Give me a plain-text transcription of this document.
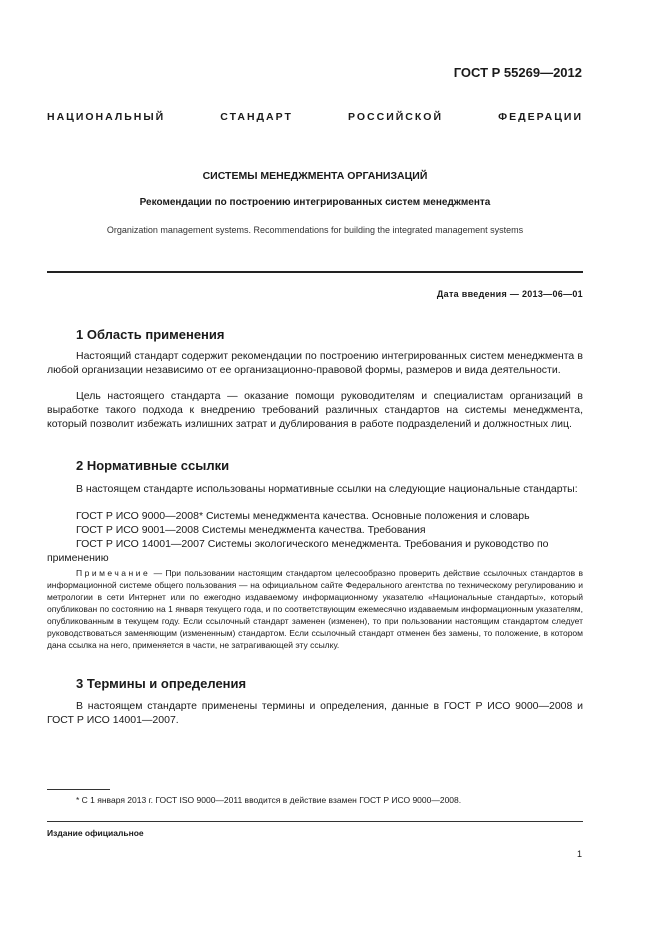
ГОСТ Р 55269—2012
НАЦИОНАЛЬНЫЙ СТАНДАРТ РОССИЙСКОЙ ФЕДЕРАЦИИ
СИСТЕМЫ МЕНЕДЖМЕНТА ОРГАНИЗАЦИЙ
Рекомендации по построению интегрированных систем менеджмента
Organization management systems. Recommendations for building the integrated management systems
Дата введения — 2013—06—01
1 Область применения
Настоящий стандарт содержит рекомендации по построению интегрированных систем менеджмента в любой организации независимо от ее организационно-правовой формы, размеров и вида деятельности.
Цель настоящего стандарта — оказание помощи руководителям и специалистам организаций в выработке такого подхода к внедрению требований различных стандартов на системы менеджмента, который позволит избежать излишних затрат и дублирования в работе подразделений и должностных лиц.
2 Нормативные ссылки
В настоящем стандарте использованы нормативные ссылки на следующие национальные стандарты:
ГОСТ Р ИСО 9000—2008* Системы менеджмента качества. Основные положения и словарь
ГОСТ Р ИСО 9001—2008 Системы менеджмента качества. Требования
ГОСТ Р ИСО 14001—2007 Системы экологического менеджмента. Требования и руководство по применению
Примечание — При пользовании настоящим стандартом целесообразно проверить действие ссылочных стандартов в информационной системе общего пользования — на официальном сайте Федерального агентства по техническому регулированию и метрологии в сети Интернет или по ежегодно издаваемому информационному указателю «Национальные стандарты», который опубликован по состоянию на 1 января текущего года, и по соответствующим ежемесячно издаваемым информационным указателям, опубликованным в текущем году. Если ссылочный стандарт заменен (изменен), то при пользовании настоящим стандартом следует руководствоваться заменяющим (измененным) стандартом. Если ссылочный стандарт отменен без замены, то положение, в котором дана ссылка на него, применяется в части, не затрагивающей эту ссылку.
3 Термины и определения
В настоящем стандарте применены термины и определения, данные в ГОСТ Р ИСО 9000—2008 и ГОСТ Р ИСО 14001—2007.
* С 1 января 2013 г. ГОСТ ISO 9000—2011 вводится в действие взамен ГОСТ Р ИСО 9000—2008.
Издание официальное
1
